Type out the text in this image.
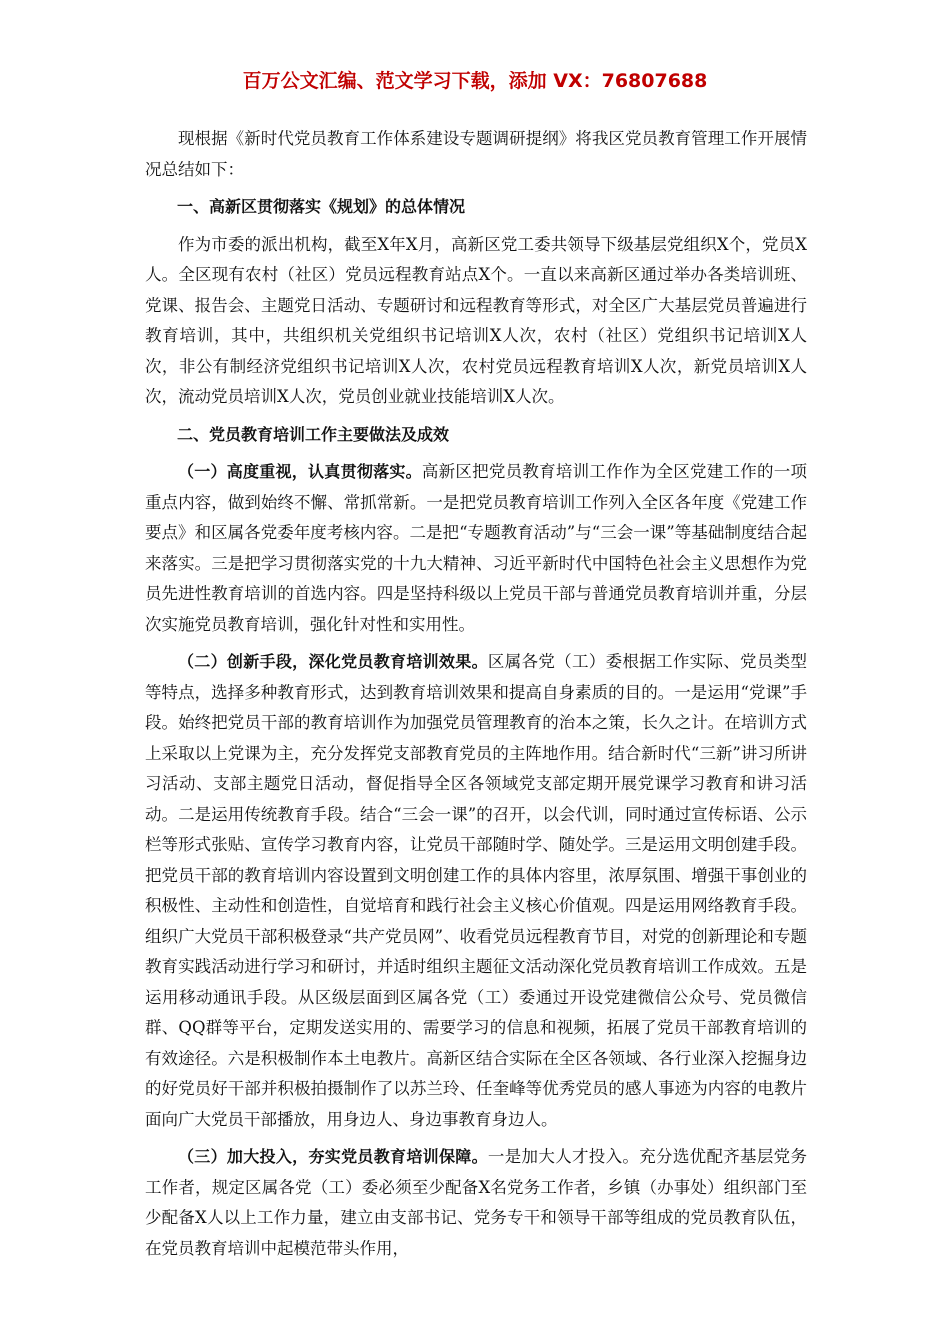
百万公文汇编、范文学习下载，添加 VX：76807688

现根据《新时代党员教育工作体系建设专题调研提纲》将我区党员教育管理工作开展情况总结如下：

一、高新区贯彻落实《规划》的总体情况

作为市委的派出机构，截至X年X月，高新区党工委共领导下级基层党组织X个，党员X人。全区现有农村（社区）党员远程教育站点X个。一直以来高新区通过举办各类培训班、党课、报告会、主题党日活动、专题研讨和远程教育等形式，对全区广大基层党员普遍进行教育培训，其中，共组织机关党组织书记培训X人次，农村（社区）党组织书记培训X人次，非公有制经济党组织书记培训X人次，农村党员远程教育培训X人次，新党员培训X人次，流动党员培训X人次，党员创业就业技能培训X人次。

二、党员教育培训工作主要做法及成效

（一）高度重视，认真贯彻落实。高新区把党员教育培训工作作为全区党建工作的一项重点内容，做到始终不懈、常抓常新。一是把党员教育培训工作列入全区各年度《党建工作要点》和区属各党委年度考核内容。二是把“专题教育活动”与“三会一课”等基础制度结合起来落实。三是把学习贯彻落实党的十九大精神、习近平新时代中国特色社会主义思想作为党员先进性教育培训的首选内容。四是坚持科级以上党员干部与普通党员教育培训并重，分层次实施党员教育培训，强化针对性和实用性。

（二）创新手段，深化党员教育培训效果。区属各党（工）委根据工作实际、党员类型等特点，选择多种教育形式，达到教育培训效果和提高自身素质的目的。一是运用“党课”手段。始终把党员干部的教育培训作为加强党员管理教育的治本之策，长久之计。在培训方式上采取以上党课为主，充分发挥党支部教育党员的主阵地作用。结合新时代“三新”讲习所讲习活动、支部主题党日活动，督促指导全区各领域党支部定期开展党课学习教育和讲习活动。二是运用传统教育手段。结合“三会一课”的召开，以会代训，同时通过宣传标语、公示栏等形式张贴、宣传学习教育内容，让党员干部随时学、随处学。三是运用文明创建手段。把党员干部的教育培训内容设置到文明创建工作的具体内容里，浓厚氛围、增强干事创业的积极性、主动性和创造性，自觉培育和践行社会主义核心价值观。四是运用网络教育手段。组织广大党员干部积极登录“共产党员网”、收看党员远程教育节目，对党的创新理论和专题教育实践活动进行学习和研讨，并适时组织主题征文活动深化党员教育培训工作成效。五是运用移动通讯手段。从区级层面到区属各党（工）委通过开设党建微信公众号、党员微信群、QQ群等平台，定期发送实用的、需要学习的信息和视频，拓展了党员干部教育培训的有效途径。六是积极制作本土电教片。高新区结合实际在全区各领域、各行业深入挖掘身边的好党员好干部并积极拍摄制作了以苏兰玲、任奎峰等优秀党员的感人事迹为内容的电教片面向广大党员干部播放，用身边人、身边事教育身边人。

（三）加大投入，夯实党员教育培训保障。一是加大人才投入。充分选优配齐基层党务工作者，规定区属各党（工）委必须至少配备X名党务工作者，乡镇（办事处）组织部门至少配备X人以上工作力量，建立由支部书记、党务专干和领导干部等组成的党员教育队伍，在党员教育培训中起模范带头作用，
